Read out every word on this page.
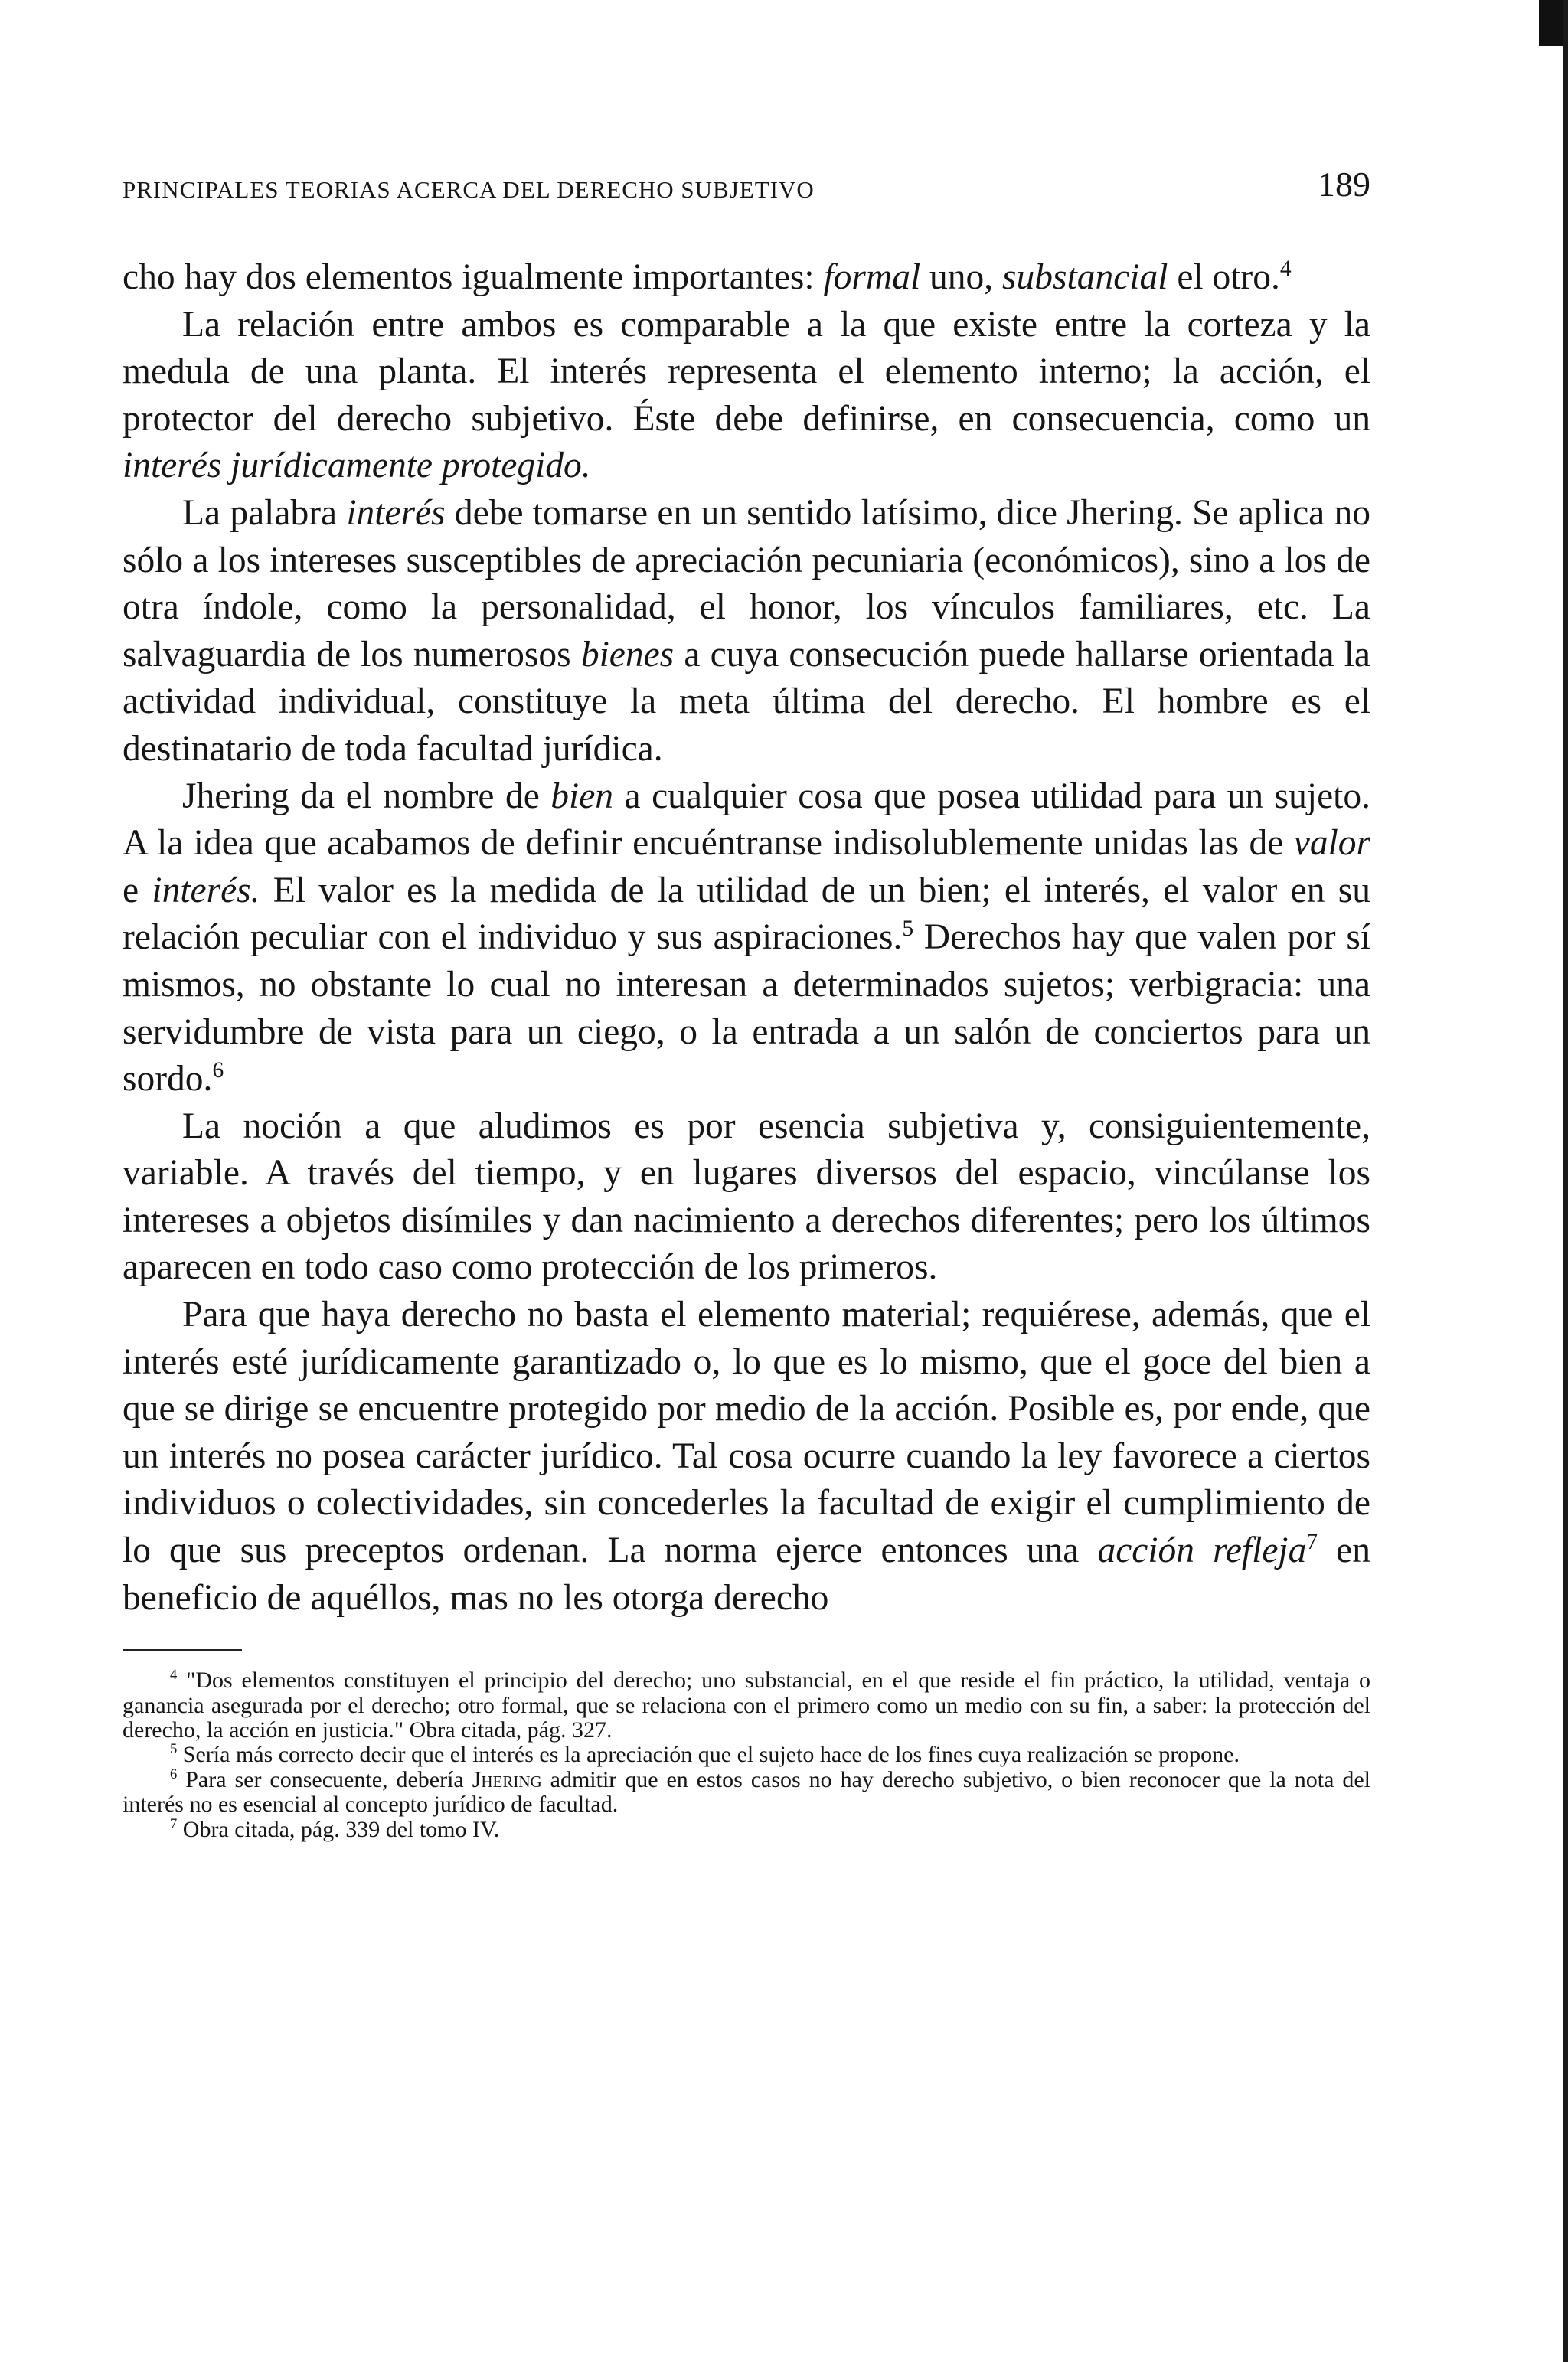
PRINCIPALES TEORIAS ACERCA DEL DERECHO SUBJETIVO	189

cho hay dos elementos igualmente importantes: formal uno, substancial el otro.$^4$

La relación entre ambos es comparable a la que existe entre la corteza y la medula de una planta. El interés representa el elemento interno; la acción, el protector del derecho subjetivo. Éste debe definirse, en consecuencia, como un interés jurídicamente protegido.

La palabra interés debe tomarse en un sentido latísimo, dice Jhering. Se aplica no sólo a los intereses susceptibles de apreciación pecuniaria (económicos), sino a los de otra índole, como la personalidad, el honor, los vínculos familiares, etc. La salvaguardia de los numerosos bienes a cuya consecución puede hallarse orientada la actividad individual, constituye la meta última del derecho. El hombre es el destinatario de toda facultad jurídica.

Jhering da el nombre de bien a cualquier cosa que posea utilidad para un sujeto. A la idea que acabamos de definir encuéntranse indisolublemente unidas las de valor e interés. El valor es la medida de la utilidad de un bien; el interés, el valor en su relación peculiar con el individuo y sus aspiraciones.$^5$ Derechos hay que valen por sí mismos, no obstante lo cual no interesan a determinados sujetos; verbigracia: una servidumbre de vista para un ciego, o la entrada a un salón de conciertos para un sordo.$^6$

La noción a que aludimos es por esencia subjetiva y, consiguientemente, variable. A través del tiempo, y en lugares diversos del espacio, vincúlanse los intereses a objetos disímiles y dan nacimiento a derechos diferentes; pero los últimos aparecen en todo caso como protección de los primeros.

Para que haya derecho no basta el elemento material; requiérese, además, que el interés esté jurídicamente garantizado o, lo que es lo mismo, que el goce del bien a que se dirige se encuentre protegido por medio de la acción. Posible es, por ende, que un interés no posea carácter jurídico. Tal cosa ocurre cuando la ley favorece a ciertos individuos o colectividades, sin concederles la facultad de exigir el cumplimiento de lo que sus preceptos ordenan. La norma ejerce entonces una acción refleja$^7$ en beneficio de aquéllos, mas no les otorga derecho

$^4$ "Dos elementos constituyen el principio del derecho; uno substancial, en el que reside el fin práctico, la utilidad, ventaja o ganancia asegurada por el derecho; otro formal, que se relaciona con el primero como un medio con su fin, a saber: la protección del derecho, la acción en justicia." Obra citada, pág. 327.

$^5$ Sería más correcto decir que el interés es la apreciación que el sujeto hace de los fines cuya realización se propone.

$^6$ Para ser consecuente, debería Jhering admitir que en estos casos no hay derecho subjetivo, o bien reconocer que la nota del interés no es esencial al concepto jurídico de facultad.

$^7$ Obra citada, pág. 339 del tomo IV.
